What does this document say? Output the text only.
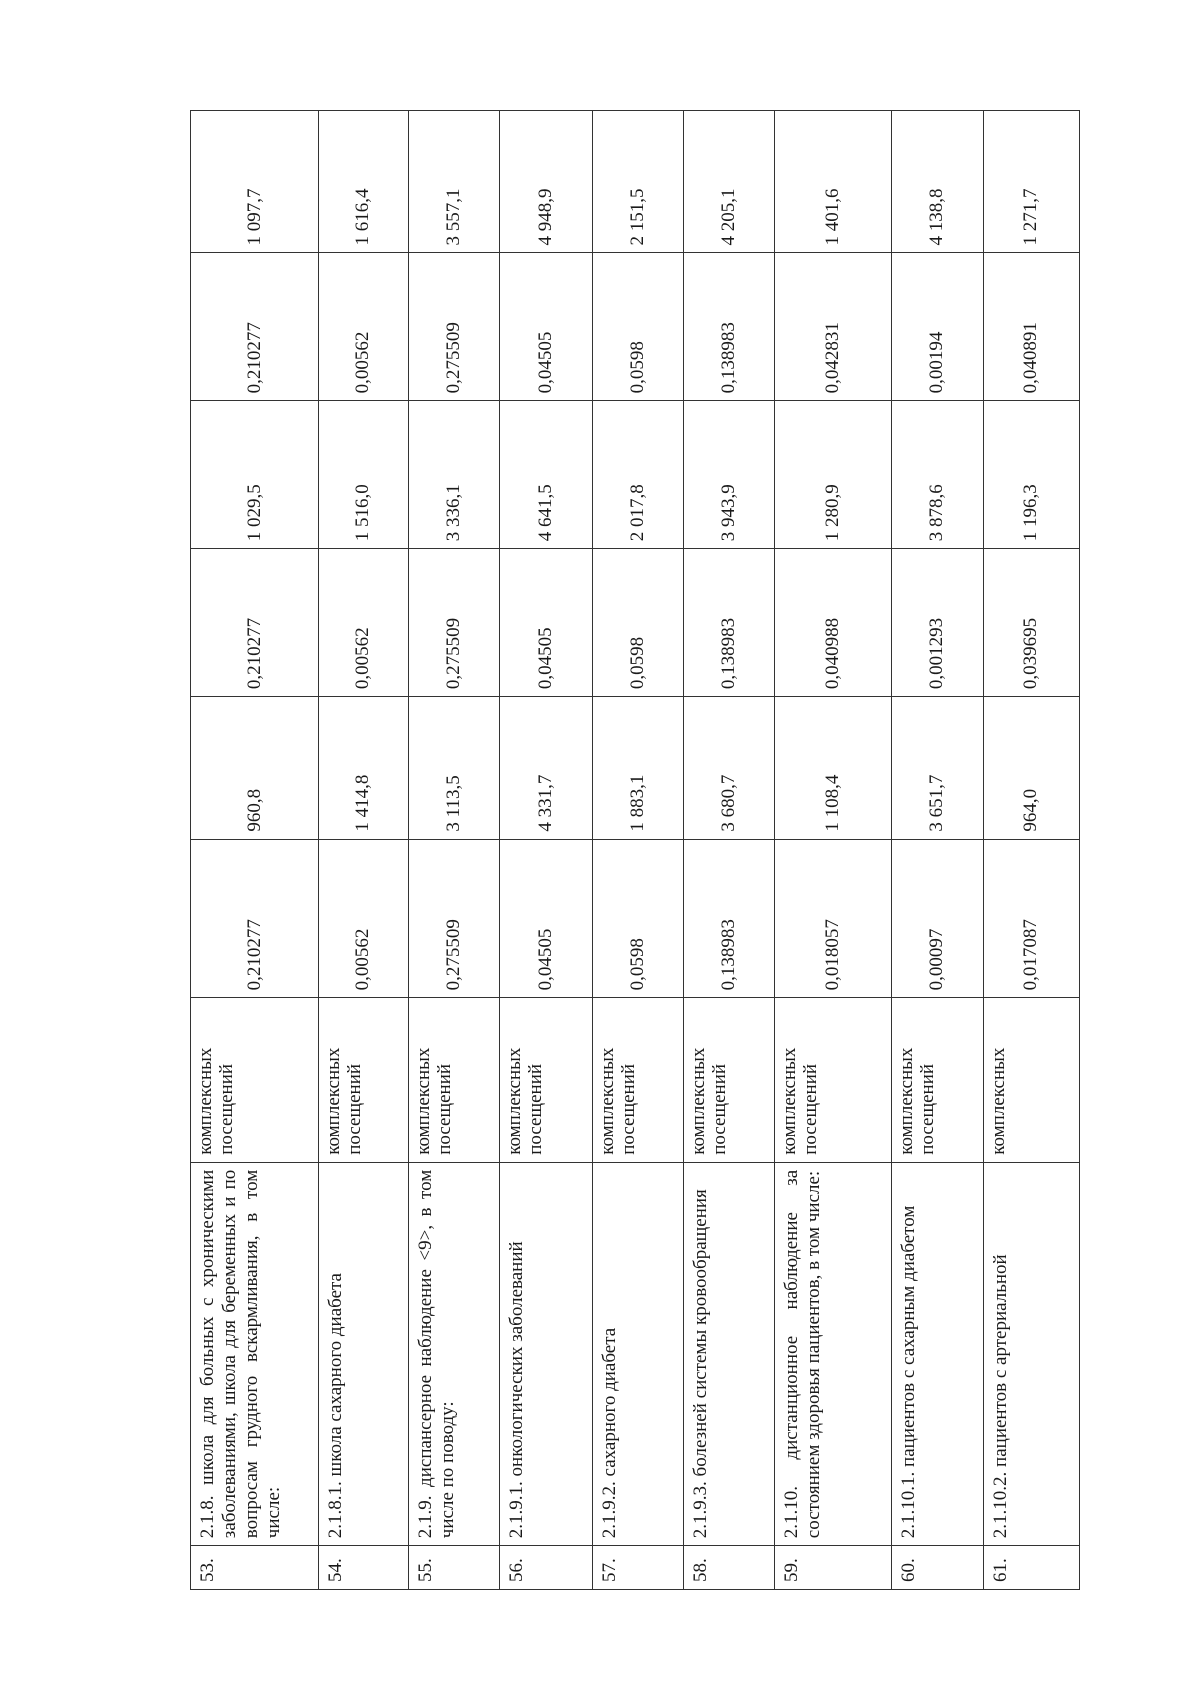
53.	2.1.8. школа для больных с хроническими заболеваниями, школа для беременных и по вопросам грудного вскармливания, в том числе:	комплексных посещений	0,210277	960,8	0,210277	1 029,5	0,210277	1 097,7
54.	2.1.8.1. школа сахарного диабета	комплексных посещений	0,00562	1 414,8	0,00562	1 516,0	0,00562	1 616,4
55.	2.1.9. диспансерное наблюдение <9>, в том числе по поводу:	комплексных посещений	0,275509	3 113,5	0,275509	3 336,1	0,275509	3 557,1
56.	2.1.9.1. онкологических заболеваний	комплексных посещений	0,04505	4 331,7	0,04505	4 641,5	0,04505	4 948,9
57.	2.1.9.2. сахарного диабета	комплексных посещений	0,0598	1 883,1	0,0598	2 017,8	0,0598	2 151,5
58.	2.1.9.3. болезней системы кровообращения	комплексных посещений	0,138983	3 680,7	0,138983	3 943,9	0,138983	4 205,1
59.	2.1.10. дистанционное наблюдение за состоянием здоровья пациентов, в том числе:	комплексных посещений	0,018057	1 108,4	0,040988	1 280,9	0,042831	1 401,6
60.	2.1.10.1. пациентов с сахарным диабетом	комплексных посещений	0,00097	3 651,7	0,001293	3 878,6	0,00194	4 138,8
61.	2.1.10.2. пациентов с артериальной	комплексных	0,017087	964,0	0,039695	1 196,3	0,040891	1 271,7
